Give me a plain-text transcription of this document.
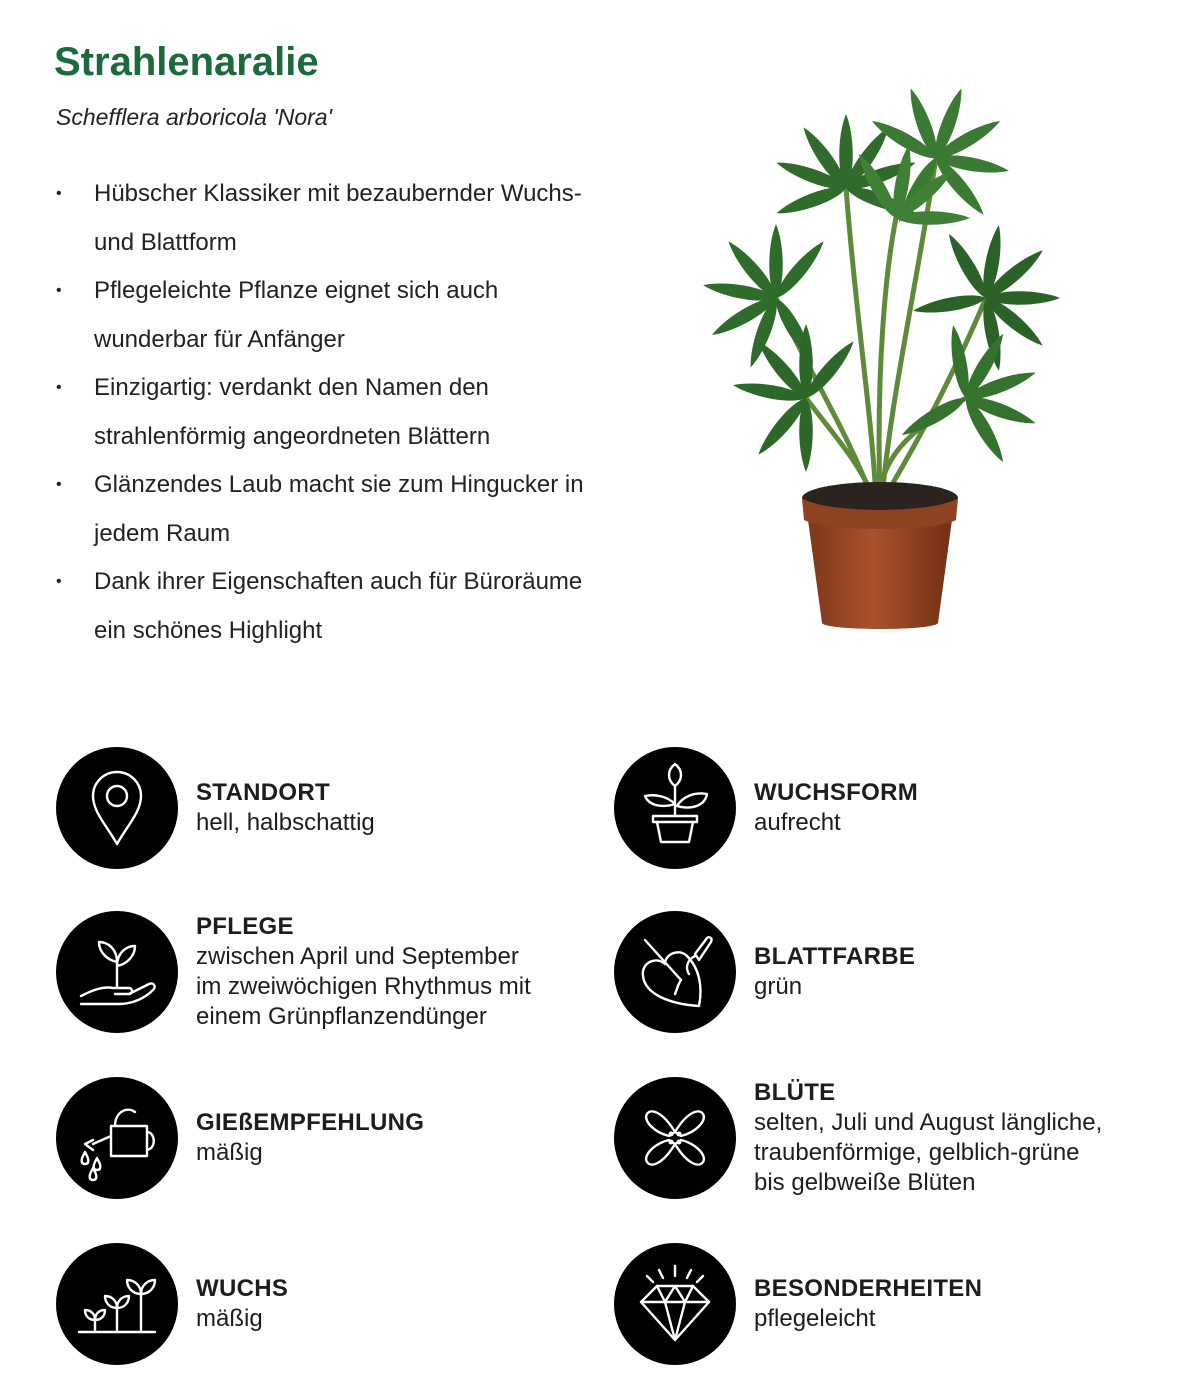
Strahlenaralie

Schefflera arboricola 'Nora'

• Hübscher Klassiker mit bezaubernder Wuchs- und Blattform
• Pflegeleichte Pflanze eignet sich auch wunderbar für Anfänger
• Einzigartig: verdankt den Namen den strahlenförmig angeordneten Blättern
• Glänzendes Laub macht sie zum Hingucker in jedem Raum
• Dank ihrer Eigenschaften auch für Büroräume ein schönes Highlight
STANDORT
hell, halbschattig
WUCHSFORM
aufrecht
PFLEGE
zwischen April und September
im zweiwöchigen Rhythmus mit
einem Grünpflanzendünger
BLATTFARBE
grün
GIEßEMPFEHLUNG
mäßig
BLÜTE
selten, Juli und August längliche,
traubenförmige, gelblich-grüne
bis gelbweiße Blüten
WUCHS
mäßig
BESONDERHEITEN
pflegeleicht
